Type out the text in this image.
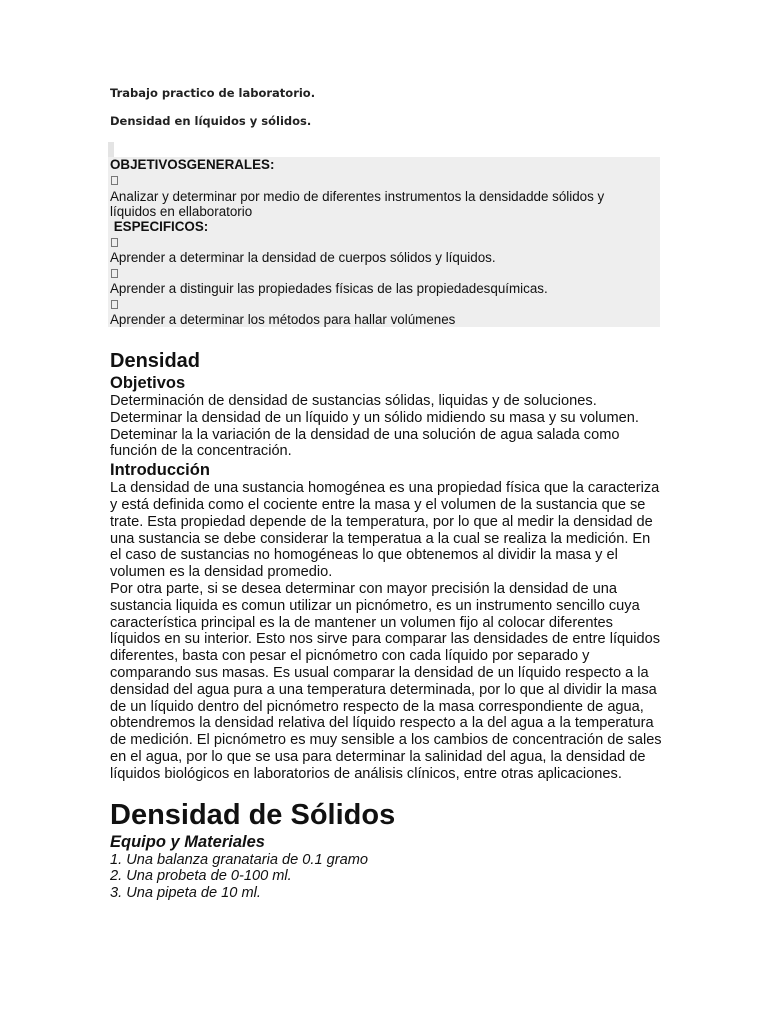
Trabajo practico de laboratorio.
Densidad en líquidos y sólidos.
OBJETIVOSGENERALES:
Analizar y determinar por medio de diferentes instrumentos la densidadde sólidos y
líquidos en ellaboratorio
ESPECIFICOS:
Aprender a determinar la densidad de cuerpos sólidos y líquidos.
Aprender a distinguir las propiedades físicas de las propiedadesquímicas.
Aprender a determinar los métodos para hallar volúmenes
Densidad
Objetivos

Determinación de densidad de sustancias sólidas, liquidas y de soluciones.

Determinar la densidad de un líquido y un sólido midiendo su masa y su volumen.

Deteminar la la variación de la densidad de una solución de agua salada como función de la concentración.

Introducción

La densidad de una sustancia homogénea es una propiedad física que la caracteriza y está definida como el cociente entre la masa y el volumen de la sustancia que se trate. Esta propiedad depende de la temperatura, por lo que al medir la densidad de una sustancia se debe considerar la temperatua a la cual se realiza la medición. En el caso de sustancias no homogéneas lo que obtenemos al dividir la masa y el volumen es la densidad promedio.

Por otra parte, si se desea determinar con mayor precisión la densidad de una sustancia liquida es comun utilizar un picnómetro, es un instrumento sencillo cuya característica principal es la de mantener un volumen fijo al colocar diferentes líquidos en su interior. Esto nos sirve para comparar las densidades de entre líquidos diferentes, basta con pesar el picnómetro con cada líquido por separado y comparando sus masas. Es usual comparar la densidad de un líquido respecto a la densidad del agua pura a una temperatura determinada, por lo que al dividir la masa de un líquido dentro del picnómetro respecto de la masa correspondiente de agua, obtendremos la densidad relativa del líquido respecto a la del agua a la temperatura de medición. El picnómetro es muy sensible a los cambios de concentración de sales en el agua, por lo que se usa para determinar la salinidad del agua, la densidad de líquidos biológicos en laboratorios de análisis clínicos, entre otras aplicaciones.

Densidad de Sólidos
Equipo y Materiales

1. Una balanza granataria de 0.1 gramo

2. Una probeta de 0-100 ml.

3. Una pipeta de 10 ml.
